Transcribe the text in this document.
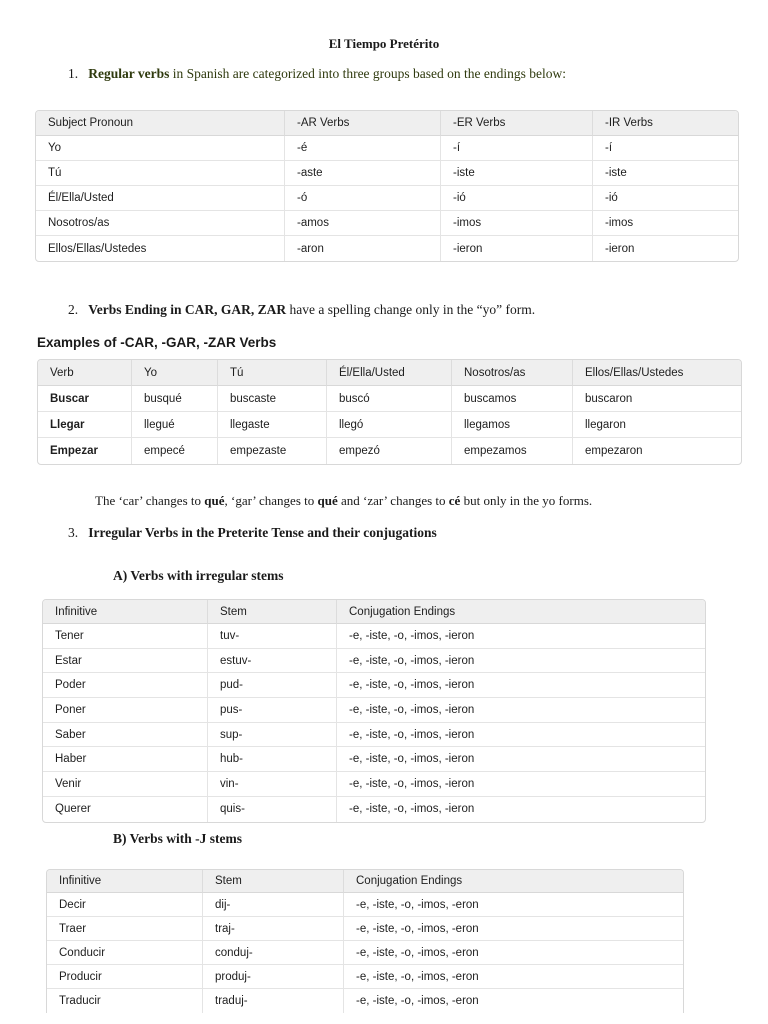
El Tiempo Pretérito
1. Regular verbs in Spanish are categorized into three groups based on the endings below:
Subject Pronoun	-AR Verbs	-ER Verbs	-IR Verbs
Yo	-é	-í	-í
Tú	-aste	-iste	-iste
Él/Ella/Usted	-ó	-ió	-ió
Nosotros/as	-amos	-imos	-imos
Ellos/Ellas/Ustedes	-aron	-ieron	-ieron
2. Verbs Ending in CAR, GAR, ZAR have a spelling change only in the “yo” form.
Examples of -CAR, -GAR, -ZAR Verbs
Verb	Yo	Tú	Él/Ella/Usted	Nosotros/as	Ellos/Ellas/Ustedes
Buscar	busqué	buscaste	buscó	buscamos	buscaron
Llegar	llegué	llegaste	llegó	llegamos	llegaron
Empezar	empecé	empezaste	empezó	empezamos	empezaron
The ‘car’ changes to qué, ‘gar’ changes to qué and ‘zar’ changes to cé but only in the yo forms.
3. Irregular Verbs in the Preterite Tense and their conjugations
A) Verbs with irregular stems
Infinitive	Stem	Conjugation Endings
Tener	tuv-	-e, -iste, -o, -imos, -ieron
Estar	estuv-	-e, -iste, -o, -imos, -ieron
Poder	pud-	-e, -iste, -o, -imos, -ieron
Poner	pus-	-e, -iste, -o, -imos, -ieron
Saber	sup-	-e, -iste, -o, -imos, -ieron
Haber	hub-	-e, -iste, -o, -imos, -ieron
Venir	vin-	-e, -iste, -o, -imos, -ieron
Querer	quis-	-e, -iste, -o, -imos, -ieron
B) Verbs with -J stems
Infinitive	Stem	Conjugation Endings
Decir	dij-	-e, -iste, -o, -imos, -eron
Traer	traj-	-e, -iste, -o, -imos, -eron
Conducir	conduj-	-e, -iste, -o, -imos, -eron
Producir	produj-	-e, -iste, -o, -imos, -eron
Traducir	traduj-	-e, -iste, -o, -imos, -eron
